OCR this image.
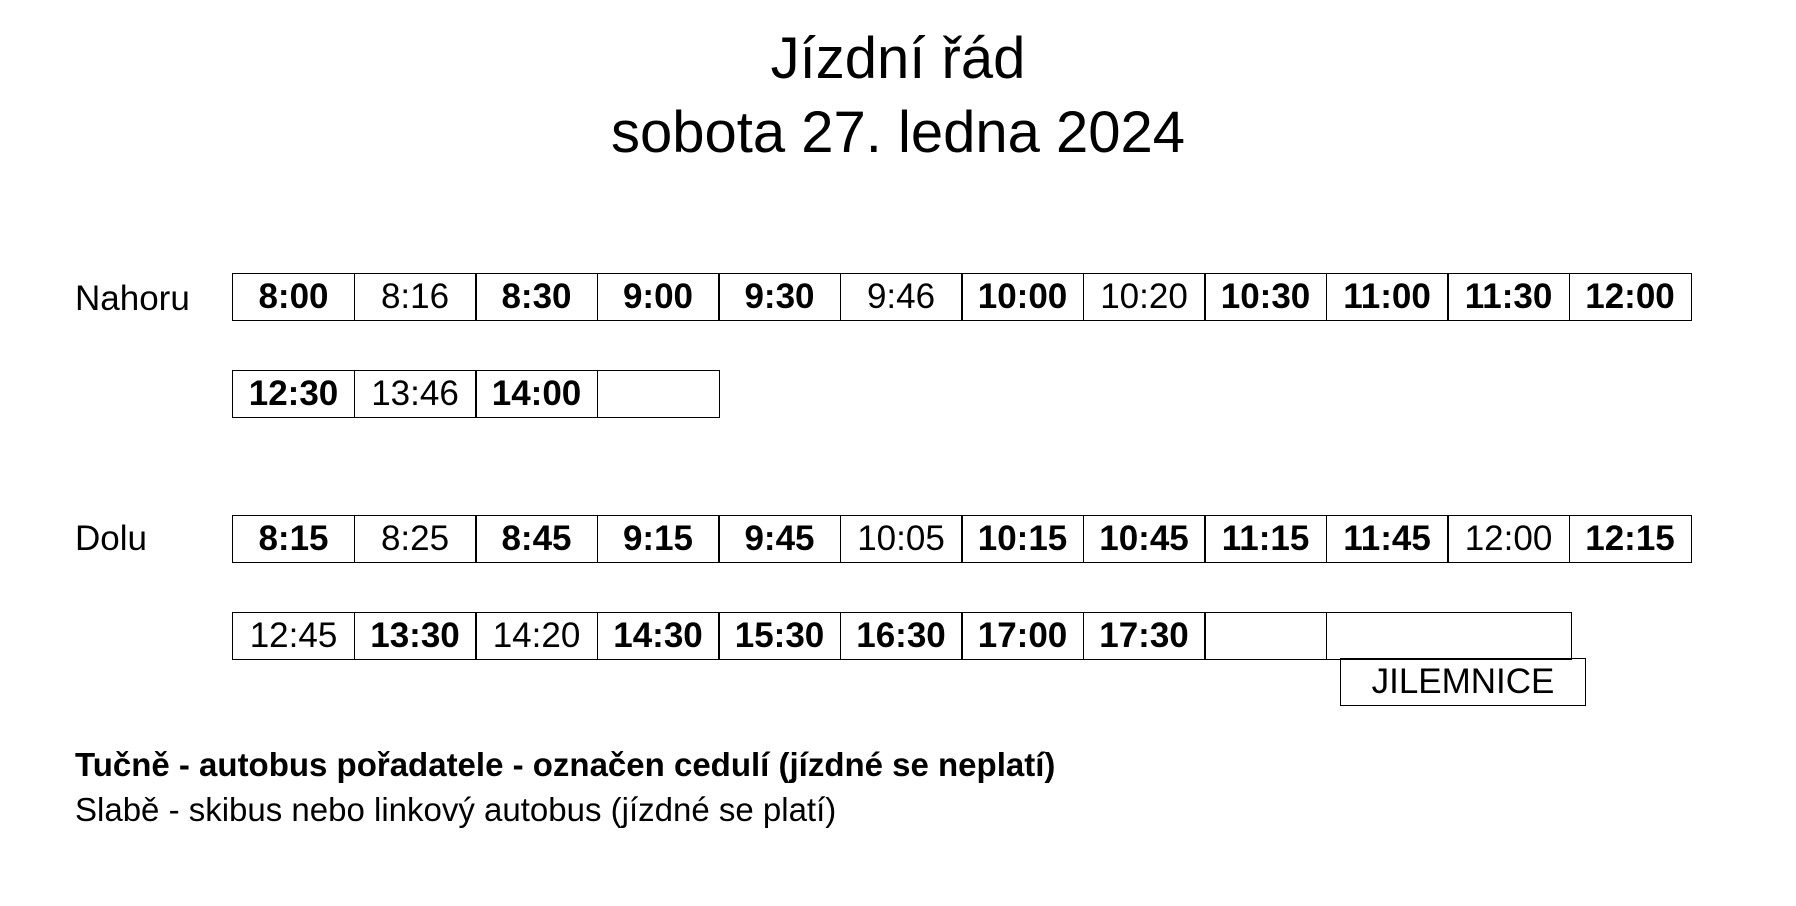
Jízdní řád
sobota 27. ledna 2024
Nahoru	8:00	8:16	8:30	9:00	9:30	9:46	10:00 10:20 10:30 11:00 11:30 12:00
12:30 13:46 14:00
Dolu	8:15	8:25	8:45	9:15	9:45	10:05 10:15 10:45 11:15 11:45 12:00 12:15
12:45 13:30 14:20 14:30 15:30 16:30 17:00 17:30
JILEMNICE
Tučně - autobus pořadatele - označen cedulí (jízdné se neplatí)
Slabě - skibus nebo linkový autobus (jízdné se platí)
